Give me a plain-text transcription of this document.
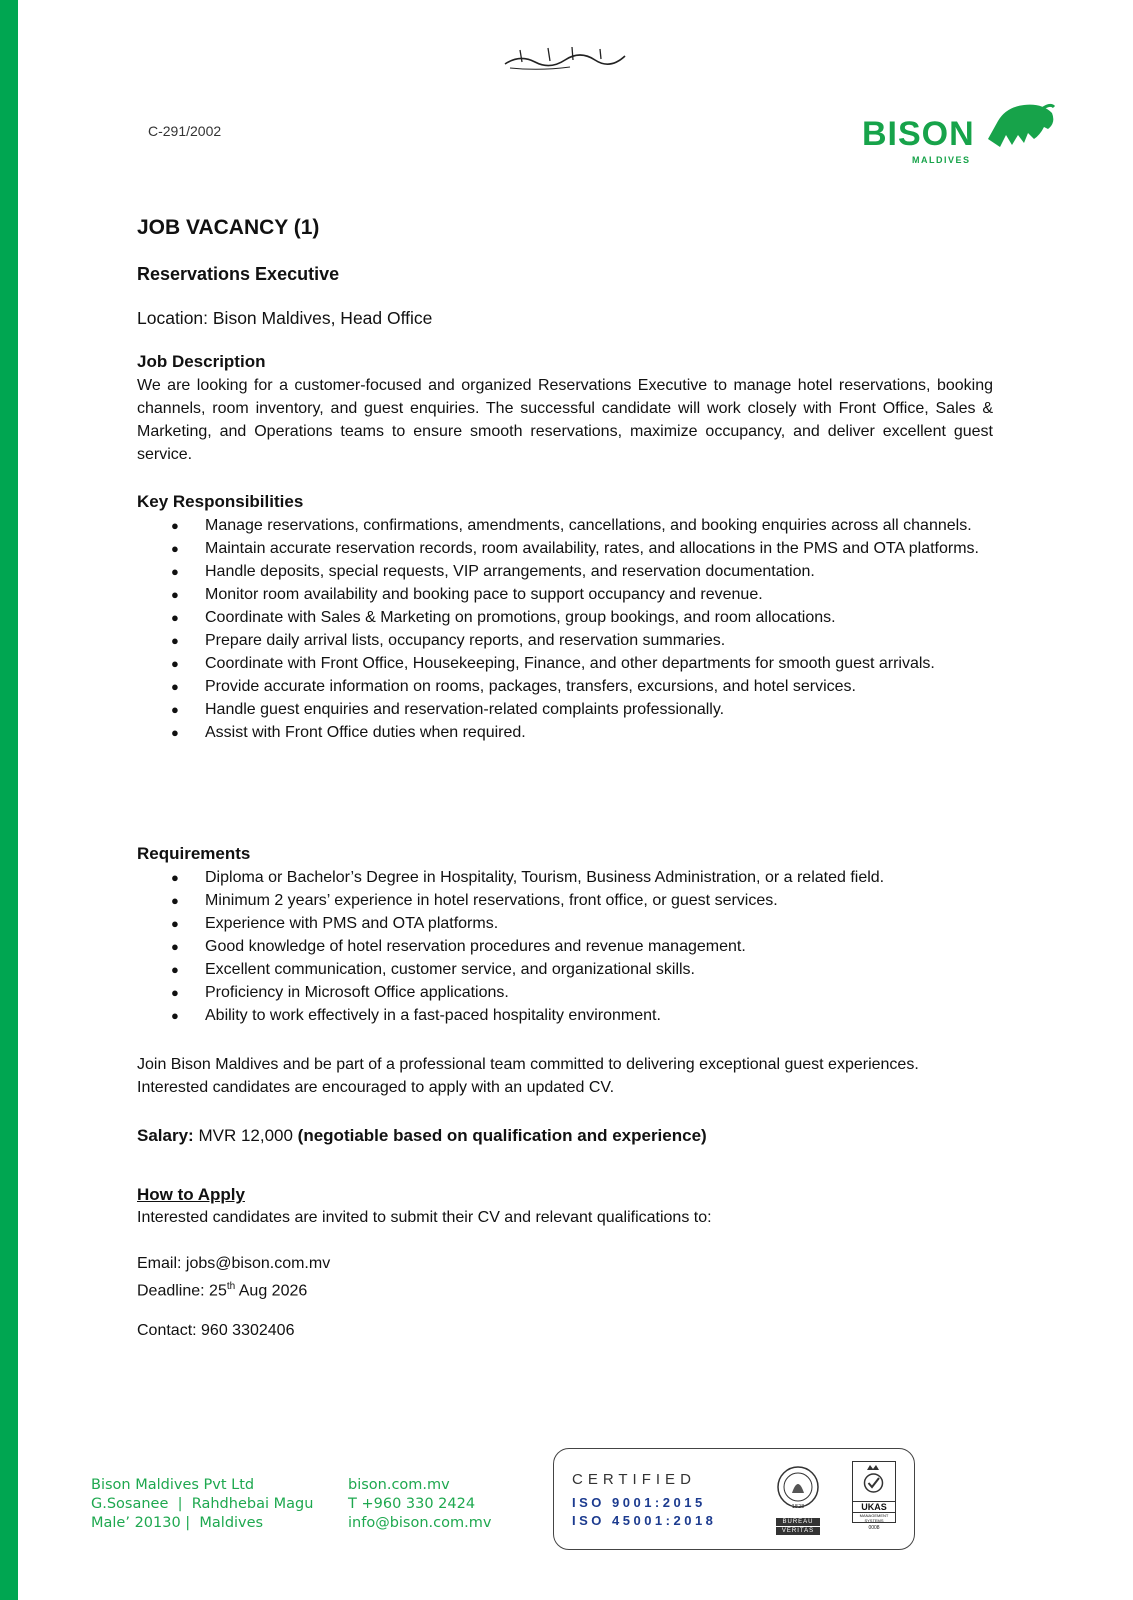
C-291/2002	BISON
MALDIVES
JOB VACANCY (1)
Reservations Executive
Location: Bison Maldives, Head Office
Job Description
We are looking for a customer-focused and organized Reservations Executive to manage hotel reservations, booking channels, room inventory, and guest enquiries. The successful candidate will work closely with Front Office, Sales & Marketing, and Operations teams to ensure smooth reservations, maximize occupancy, and deliver excellent guest service.
Key Responsibilities
● Manage reservations, confirmations, amendments, cancellations, and booking enquiries across all channels.
● Maintain accurate reservation records, room availability, rates, and allocations in the PMS and OTA platforms.
● Handle deposits, special requests, VIP arrangements, and reservation documentation.
● Monitor room availability and booking pace to support occupancy and revenue.
● Coordinate with Sales & Marketing on promotions, group bookings, and room allocations.
● Prepare daily arrival lists, occupancy reports, and reservation summaries.
● Coordinate with Front Office, Housekeeping, Finance, and other departments for smooth guest arrivals.
● Provide accurate information on rooms, packages, transfers, excursions, and hotel services.
● Handle guest enquiries and reservation-related complaints professionally.
● Assist with Front Office duties when required.
Requirements
● Diploma or Bachelor’s Degree in Hospitality, Tourism, Business Administration, or a related field.
● Minimum 2 years’ experience in hotel reservations, front office, or guest services.
● Experience with PMS and OTA platforms.
● Good knowledge of hotel reservation procedures and revenue management.
● Excellent communication, customer service, and organizational skills.
● Proficiency in Microsoft Office applications.
● Ability to work effectively in a fast-paced hospitality environment.
Join Bison Maldives and be part of a professional team committed to delivering exceptional guest experiences.
Interested candidates are encouraged to apply with an updated CV.
Salary: MVR 12,000 (negotiable based on qualification and experience)
How to Apply
Interested candidates are invited to submit their CV and relevant qualifications to:
Email: jobs@bison.com.mv
Deadline: 25th Aug 2026
Contact: 960 3302406
Bison Maldives Pvt Ltd
G.Sosanee  |  Rahdhebai Magu
Male’ 20130 |  Maldives
bison.com.mv
T +960 330 2424
info@bison.com.mv
CERTIFIED
ISO 9001:2015
ISO 45001:2018
1828
BUREAU
VERITAS
UKAS
MANAGEMENT
SYSTEMS
0008
